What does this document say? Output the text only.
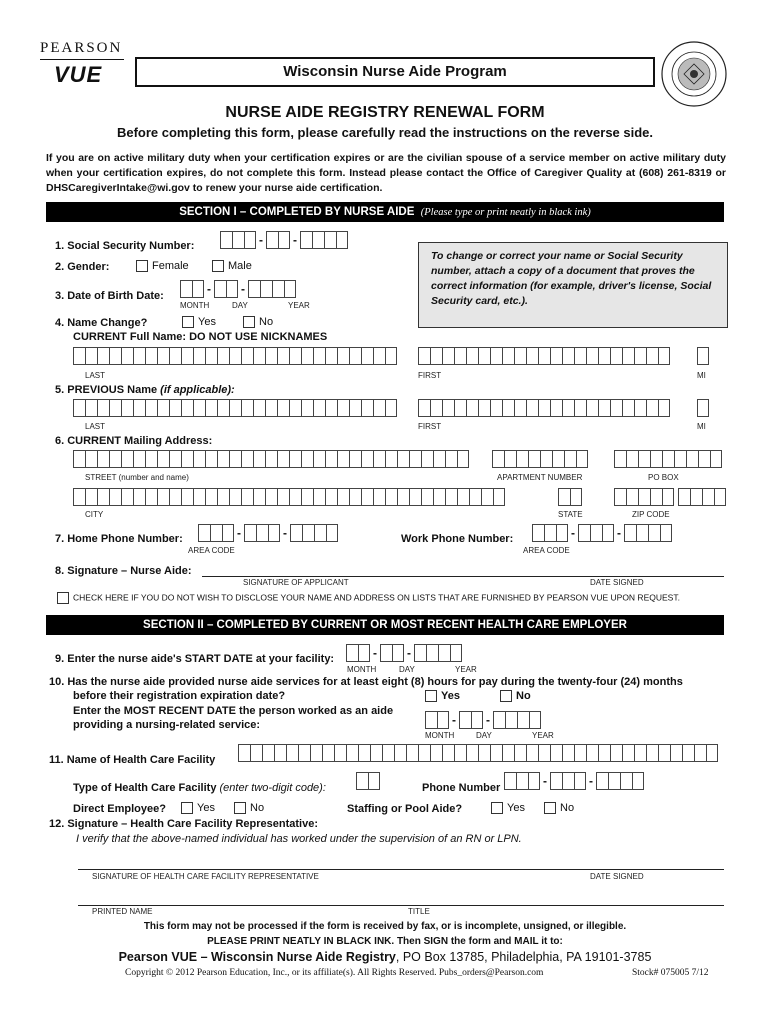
PEARSON
VUE	Wisconsin Nurse Aide Program
NURSE AIDE REGISTRY RENEWAL FORM
Before completing this form, please carefully read the instructions on the reverse side.
If you are on active military duty when your certification expires or are the civilian spouse of a service member on active military duty when your certification expires, do not complete this form. Instead please contact the Office of Caregiver Quality at (608) 261-8319 or DHSCaregiverIntake@wi.gov to renew your nurse aide certification.
SECTION I – COMPLETED BY NURSE AIDE (Please type or print neatly in black ink)
To change or correct your name or Social Security number, attach a copy of a document that proves the correct information (for example, driver's license, Social Security card, etc.).
1. Social Security Number:	-	-
2. Gender:	Female	Male
3. Date of Birth Date:	-	-
MONTH	DAY	YEAR
4. Name Change?	Yes	No
CURRENT Full Name: DO NOT USE NICKNAMES
LAST	FIRST	MI
5. PREVIOUS Name (if applicable):
LAST	FIRST	MI
6. CURRENT Mailing Address:
STREET (number and name)	APARTMENT NUMBER	PO BOX
CITY	STATE	ZIP CODE
7. Home Phone Number:	-	-
AREA CODE
Work Phone Number:	-	-
AREA CODE
8. Signature – Nurse Aide:
SIGNATURE OF APPLICANT	DATE SIGNED
CHECK HERE IF YOU DO NOT WISH TO DISCLOSE YOUR NAME AND ADDRESS ON LISTS THAT ARE FURNISHED BY PEARSON VUE UPON REQUEST.
SECTION II – COMPLETED BY CURRENT OR MOST RECENT HEALTH CARE EMPLOYER
9. Enter the nurse aide's START DATE at your facility:	-	-
MONTH	DAY	YEAR
10. Has the nurse aide provided nurse aide services for at least eight (8) hours for pay during the twenty-four (24) months
before their registration expiration date?	Yes	No
Enter the MOST RECENT DATE the person worked as an aide
providing a nursing-related service:	-	-
MONTH	DAY	YEAR
11. Name of Health Care Facility
Type of Health Care Facility (enter two-digit code):	Phone Number	-	-
Direct Employee?	Yes	No	Staffing or Pool Aide?	Yes	No
12. Signature – Health Care Facility Representative:
I verify that the above-named individual has worked under the supervision of an RN or LPN.
SIGNATURE OF HEALTH CARE FACILITY REPRESENTATIVE	DATE SIGNED
PRINTED NAME	TITLE
This form may not be processed if the form is received by fax, or is incomplete, unsigned, or illegible.
PLEASE PRINT NEATLY IN BLACK INK. Then SIGN the form and MAIL it to:
Pearson VUE – Wisconsin Nurse Aide Registry, PO Box 13785, Philadelphia, PA 19101-3785
Copyright © 2012 Pearson Education, Inc., or its affiliate(s). All Rights Reserved. Pubs_orders@Pearson.com	Stock# 075005 7/12
